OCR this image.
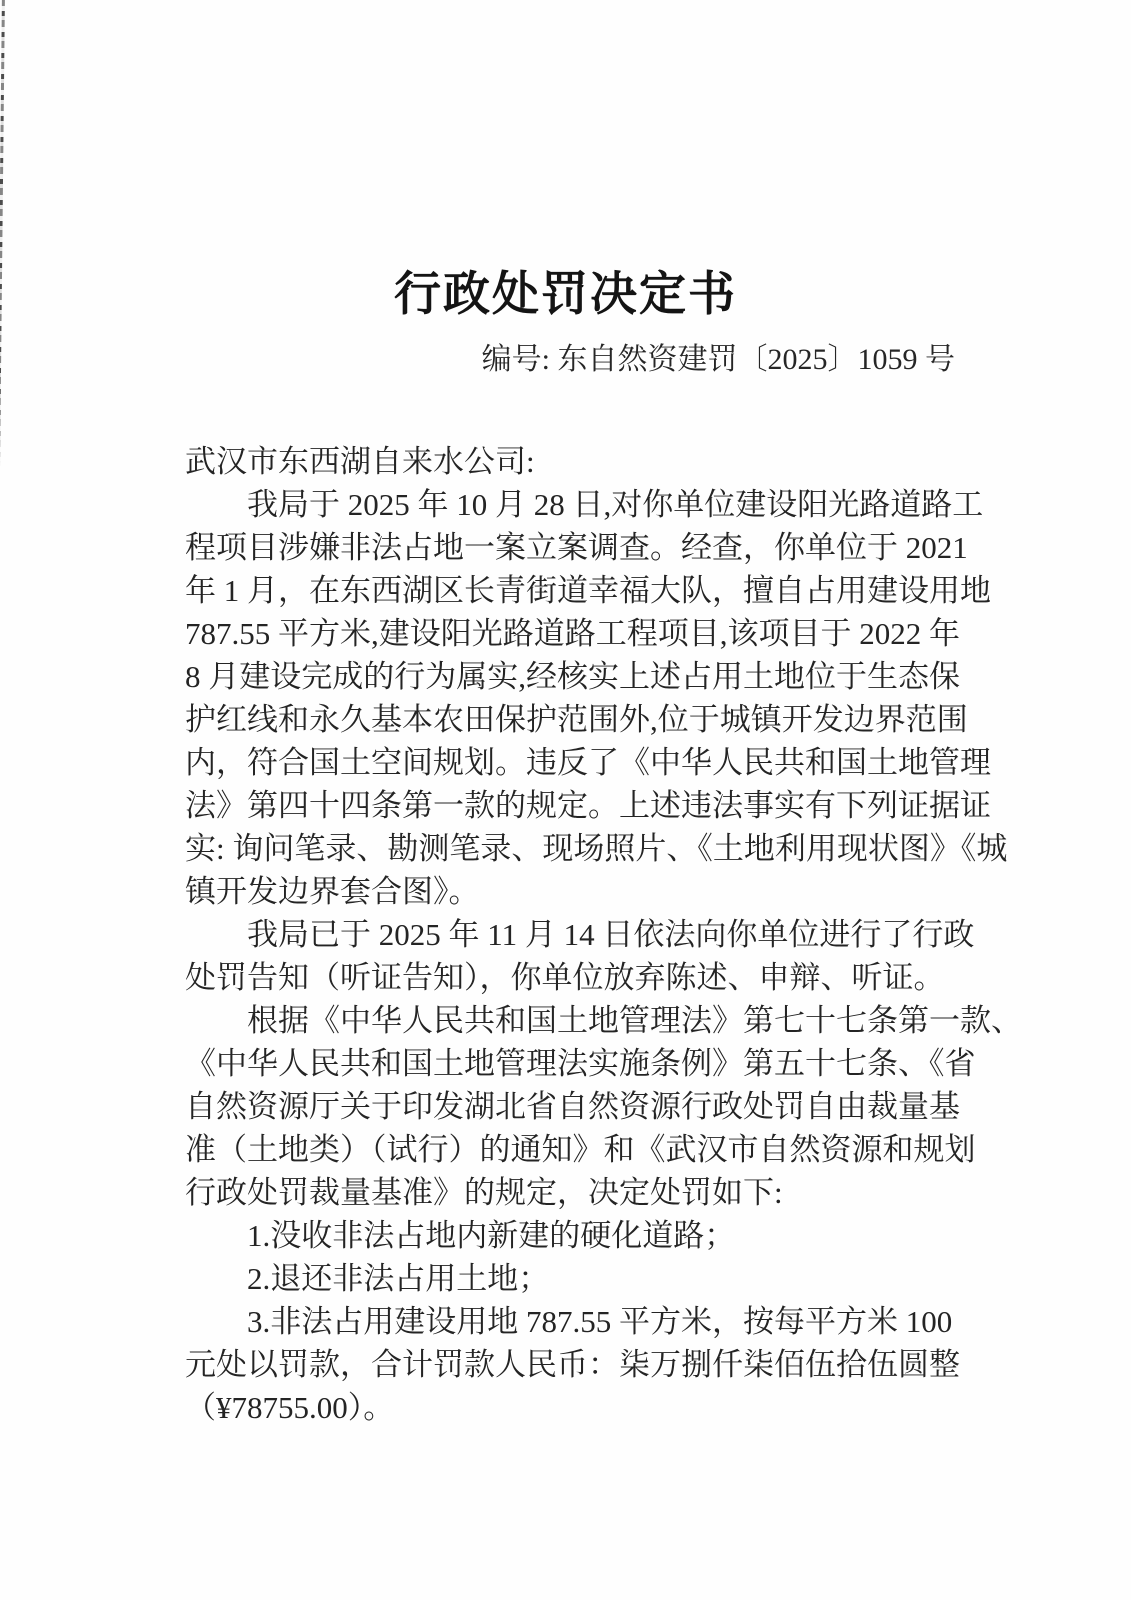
行政处罚决定书
编号: 东自然资建罚〔2025〕1059 号
武汉市东西湖自来水公司:
我局于 2025 年 10 月 28 日,对你单位建设阳光路道路工
程项目涉嫌非法占地一案立案调查。经查，你单位于 2021
年 1 月，在东西湖区长青街道幸福大队，擅自占用建设用地
787.55 平方米,建设阳光路道路工程项目,该项目于 2022 年
8 月建设完成的行为属实,经核实上述占用土地位于生态保
护红线和永久基本农田保护范围外,位于城镇开发边界范围
内，符合国土空间规划。违反了《中华人民共和国土地管理
法》第四十四条第一款的规定。上述违法事实有下列证据证
实: 询问笔录、勘测笔录、现场照片、《土地利用现状图》《城
镇开发边界套合图》。
我局已于 2025 年 11 月 14 日依法向你单位进行了行政
处罚告知（听证告知），你单位放弃陈述、申辩、听证。
根据《中华人民共和国土地管理法》第七十七条第一款、
《中华人民共和国土地管理法实施条例》第五十七条、《省
自然资源厅关于印发湖北省自然资源行政处罚自由裁量基
准（土地类）（试行）的通知》和《武汉市自然资源和规划
行政处罚裁量基准》的规定，决定处罚如下:
1.没收非法占地内新建的硬化道路；
2.退还非法占用土地；
3.非法占用建设用地 787.55 平方米，按每平方米 100
元处以罚款，合计罚款人民币：柒万捌仟柒佰伍拾伍圆整
（¥78755.00）。
